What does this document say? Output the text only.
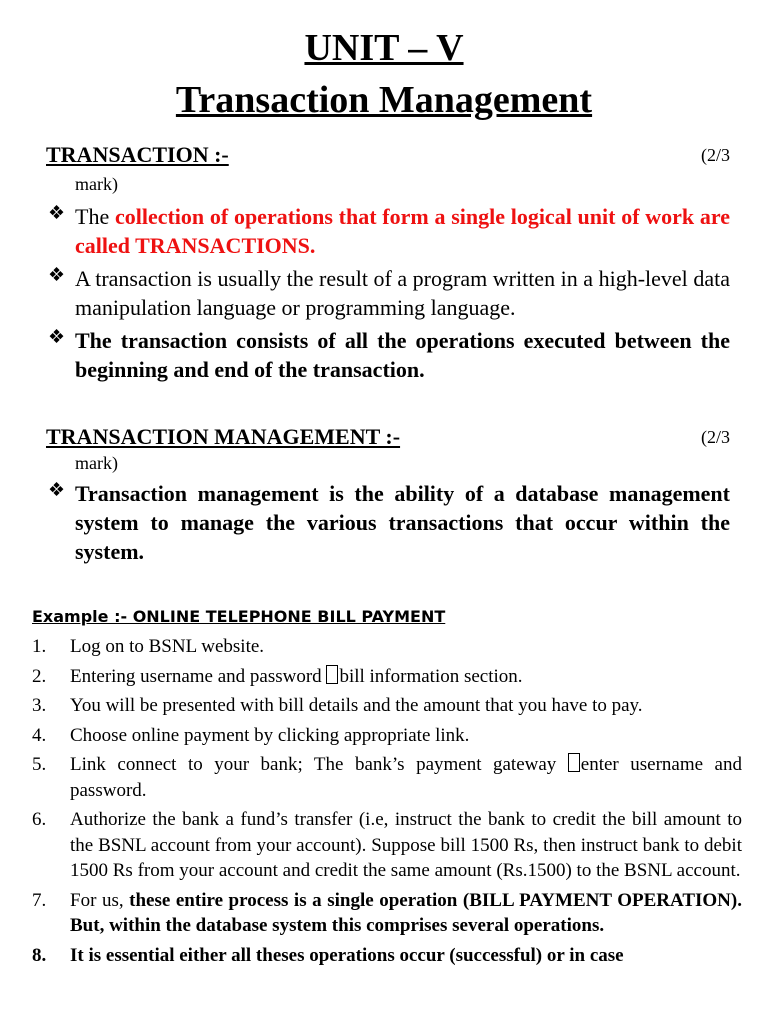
UNIT – V
Transaction Management
TRANSACTION :-	(2/3
mark)
❖ The collection of operations that form a single logical unit of work are called TRANSACTIONS.
❖ A transaction is usually the result of a program written in a high-level data manipulation language or programming language.
❖ The transaction consists of all the operations executed between the beginning and end of the transaction.
TRANSACTION MANAGEMENT :-	(2/3
mark)
❖ Transaction management is the ability of a database management system to manage the various transactions that occur within the system.

Example :- ONLINE TELEPHONE BILL PAYMENT

1. Log on to BSNL website.
2. Entering username and password bill information section.
3. You will be presented with bill details and the amount that you have to pay.
4. Choose online payment by clicking appropriate link.
5. Link connect to your bank; The bank’s payment gateway enter username and password.
6. Authorize the bank a fund’s transfer (i.e, instruct the bank to credit the bill amount to the BSNL account from your account). Suppose bill 1500 Rs, then instruct bank to debit 1500 Rs from your account and credit the same amount (Rs.1500) to the BSNL account.
7. For us, these entire process is a single operation (BILL PAYMENT OPERATION). But, within the database system this comprises several operations.
8. It is essential either all theses operations occur (successful) or in case
